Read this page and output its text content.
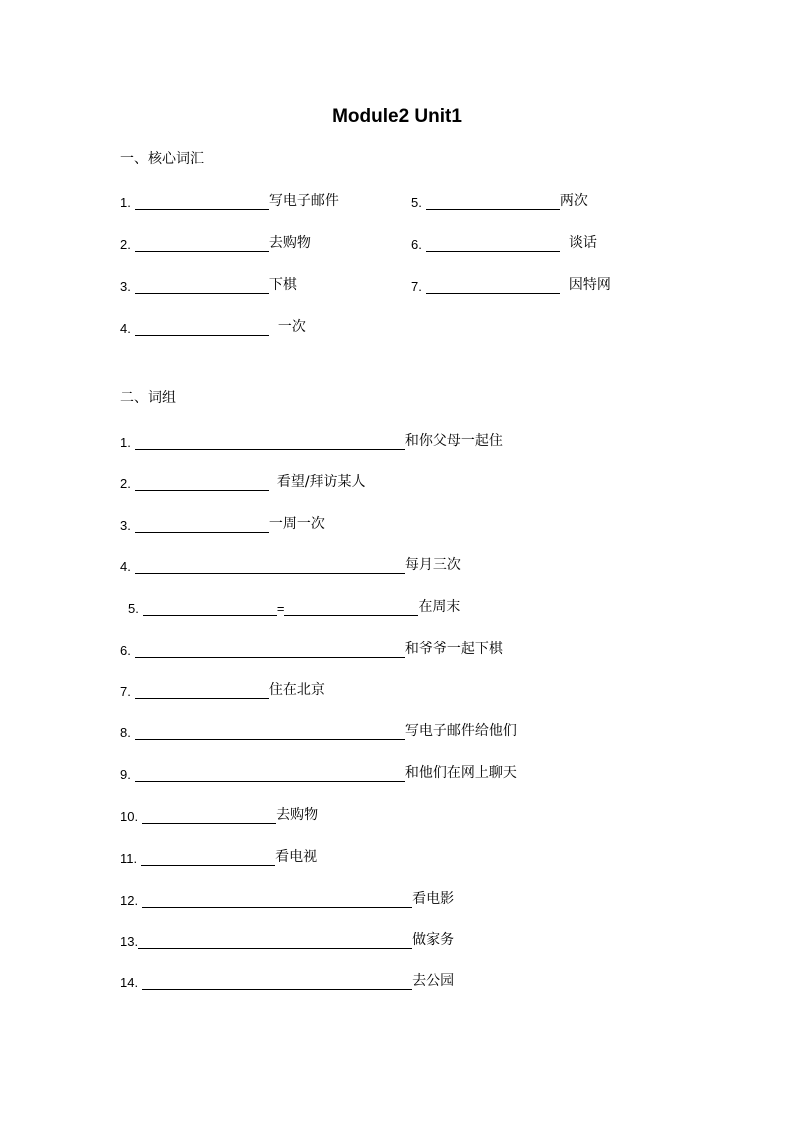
Module2 Unit1
一、核心词汇
1.	写电子邮件
2.	去购物
3.	下棋
4.	一次
5.	两次
6.	谈话
7.	因特网
二、词组
1.	和你父母一起住
2.	看望/拜访某人
3.	一周一次
4.	每月三次
5.	=	在周末
6.	和爷爷一起下棋
7.	住在北京
8.	写电子邮件给他们
9.	和他们在网上聊天
10.	去购物
11.	看电视
12.	看电影
13.	做家务
14.	去公园
